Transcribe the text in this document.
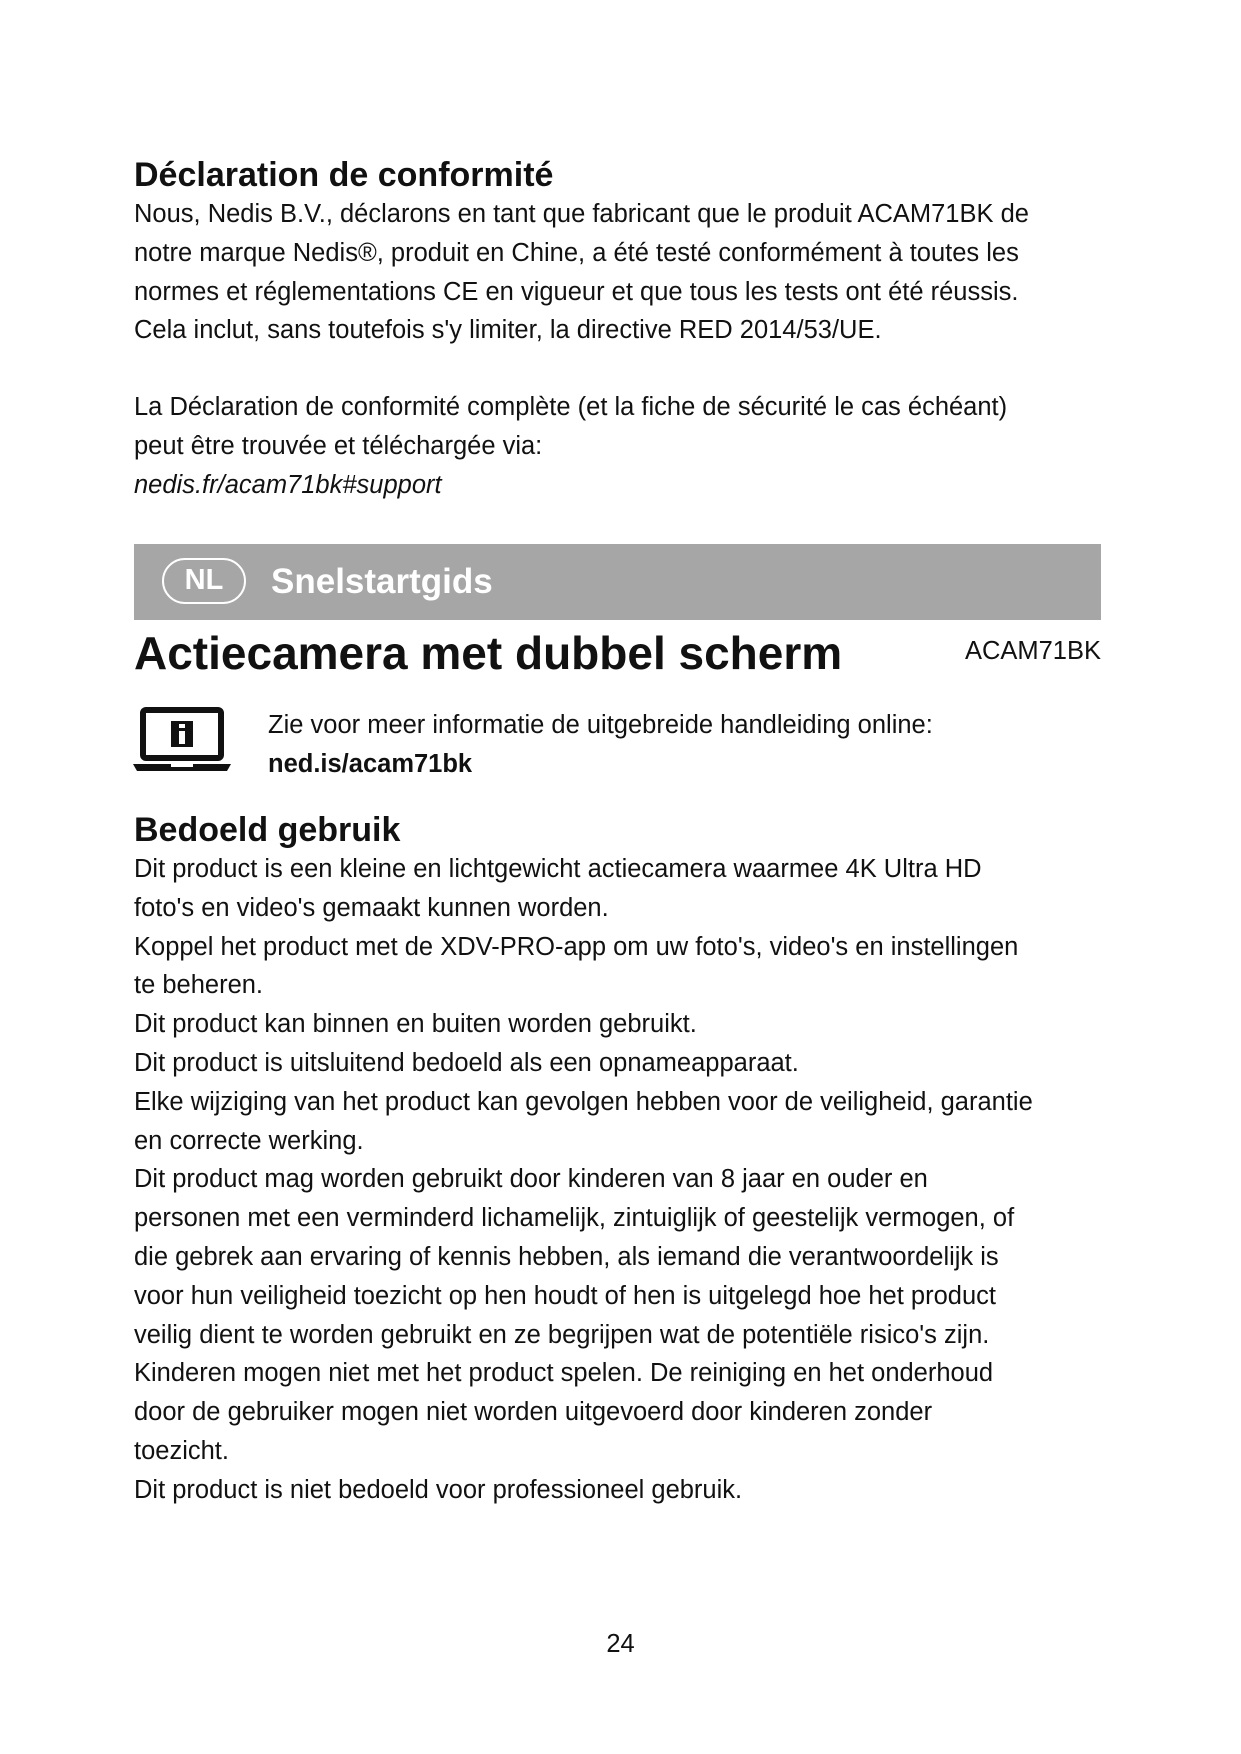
Déclaration de conformité
Nous, Nedis B.V., déclarons en tant que fabricant que le produit ACAM71BK de
notre marque Nedis®, produit en Chine, a été testé conformément à toutes les
normes et réglementations CE en vigueur et que tous les tests ont été réussis.
Cela inclut, sans toutefois s'y limiter, la directive RED 2014/53/UE.
La Déclaration de conformité complète (et la fiche de sécurité le cas échéant)
peut être trouvée et téléchargée via:
nedis.fr/acam71bk#support
NL	Snelstartgids
Actiecamera met dubbel scherm	ACAM71BK
Zie voor meer informatie de uitgebreide handleiding online:
ned.is/acam71bk
Bedoeld gebruik
Dit product is een kleine en lichtgewicht actiecamera waarmee 4K Ultra HD
foto's en video's gemaakt kunnen worden.
Koppel het product met de XDV-PRO-app om uw foto's, video's en instellingen
te beheren.
Dit product kan binnen en buiten worden gebruikt.
Dit product is uitsluitend bedoeld als een opnameapparaat.
Elke wijziging van het product kan gevolgen hebben voor de veiligheid, garantie
en correcte werking.
Dit product mag worden gebruikt door kinderen van 8 jaar en ouder en
personen met een verminderd lichamelijk, zintuiglijk of geestelijk vermogen, of
die gebrek aan ervaring of kennis hebben, als iemand die verantwoordelijk is
voor hun veiligheid toezicht op hen houdt of hen is uitgelegd hoe het product
veilig dient te worden gebruikt en ze begrijpen wat de potentiële risico's zijn.
Kinderen mogen niet met het product spelen. De reiniging en het onderhoud
door de gebruiker mogen niet worden uitgevoerd door kinderen zonder
toezicht.
Dit product is niet bedoeld voor professioneel gebruik.
24
